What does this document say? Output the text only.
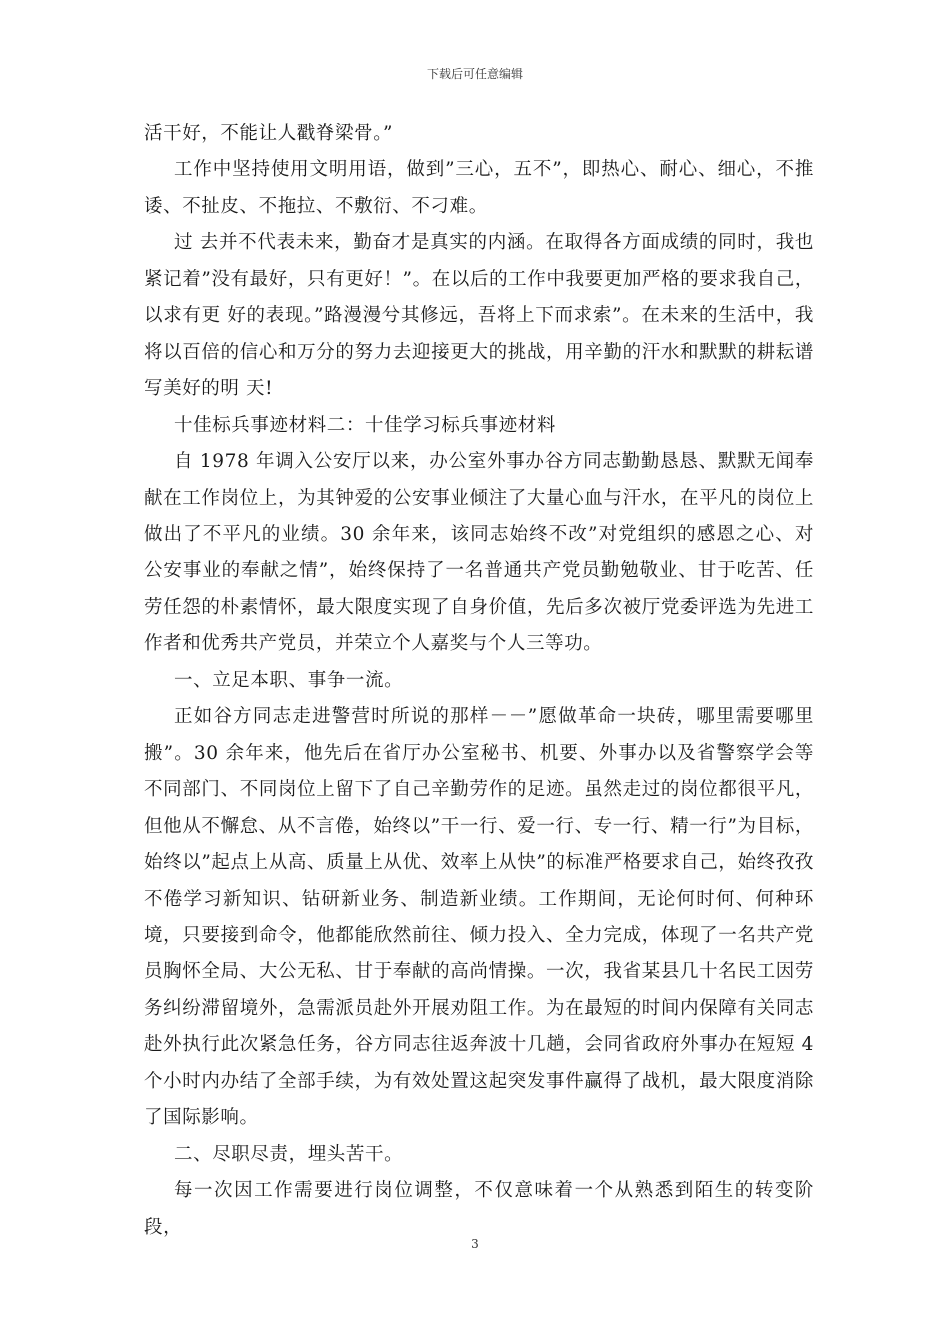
下载后可任意编辑

活干好，不能让人戳脊梁骨。”

工作中坚持使用文明用语，做到”三心，五不”，即热心、耐心、细心，不推诿、不扯皮、不拖拉、不敷衍、不刁难。

过 去并不代表未来，勤奋才是真实的内涵。在取得各方面成绩的同时，我也紧记着”没有最好，只有更好！”。在以后的工作中我要更加严格的要求我自己，以求有更 好的表现。”路漫漫兮其修远，吾将上下而求索”。在未来的生活中，我将以百倍的信心和万分的努力去迎接更大的挑战，用辛勤的汗水和默默的耕耘谱写美好的明 天!

十佳标兵事迹材料二：十佳学习标兵事迹材料

自 1978 年调入公安厅以来，办公室外事办谷方同志勤勤恳恳、默默无闻奉献在工作岗位上，为其钟爱的公安事业倾注了大量心血与汗水，在平凡的岗位上做出了不平凡的业绩。30 余年来，该同志始终不改”对党组织的感恩之心、对公安事业的奉献之情”，始终保持了一名普通共产党员勤勉敬业、甘于吃苦、任劳任怨的朴素情怀，最大限度实现了自身价值，先后多次被厅党委评选为先进工作者和优秀共产党员，并荣立个人嘉奖与个人三等功。

一、立足本职、事争一流。

正如谷方同志走进警营时所说的那样－－”愿做革命一块砖，哪里需要哪里搬”。30 余年来，他先后在省厅办公室秘书、机要、外事办以及省警察学会等不同部门、不同岗位上留下了自己辛勤劳作的足迹。虽然走过的岗位都很平凡，但他从不懈怠、从不言倦，始终以”干一行、爱一行、专一行、精一行”为目标，始终以”起点上从高、质量上从优、效率上从快”的标准严格要求自己，始终孜孜不倦学习新知识、钻研新业务、制造新业绩。工作期间，无论何时何、何种环境，只要接到命令，他都能欣然前往、倾力投入、全力完成，体现了一名共产党员胸怀全局、大公无私、甘于奉献的高尚情操。一次，我省某县几十名民工因劳务纠纷滞留境外，急需派员赴外开展劝阻工作。为在最短的时间内保障有关同志赴外执行此次紧急任务，谷方同志往返奔波十几趟，会同省政府外事办在短短 4 个小时内办结了全部手续，为有效处置这起突发事件赢得了战机，最大限度消除了国际影响。

二、尽职尽责，埋头苦干。

每一次因工作需要进行岗位调整，不仅意味着一个从熟悉到陌生的转变阶段，

3
